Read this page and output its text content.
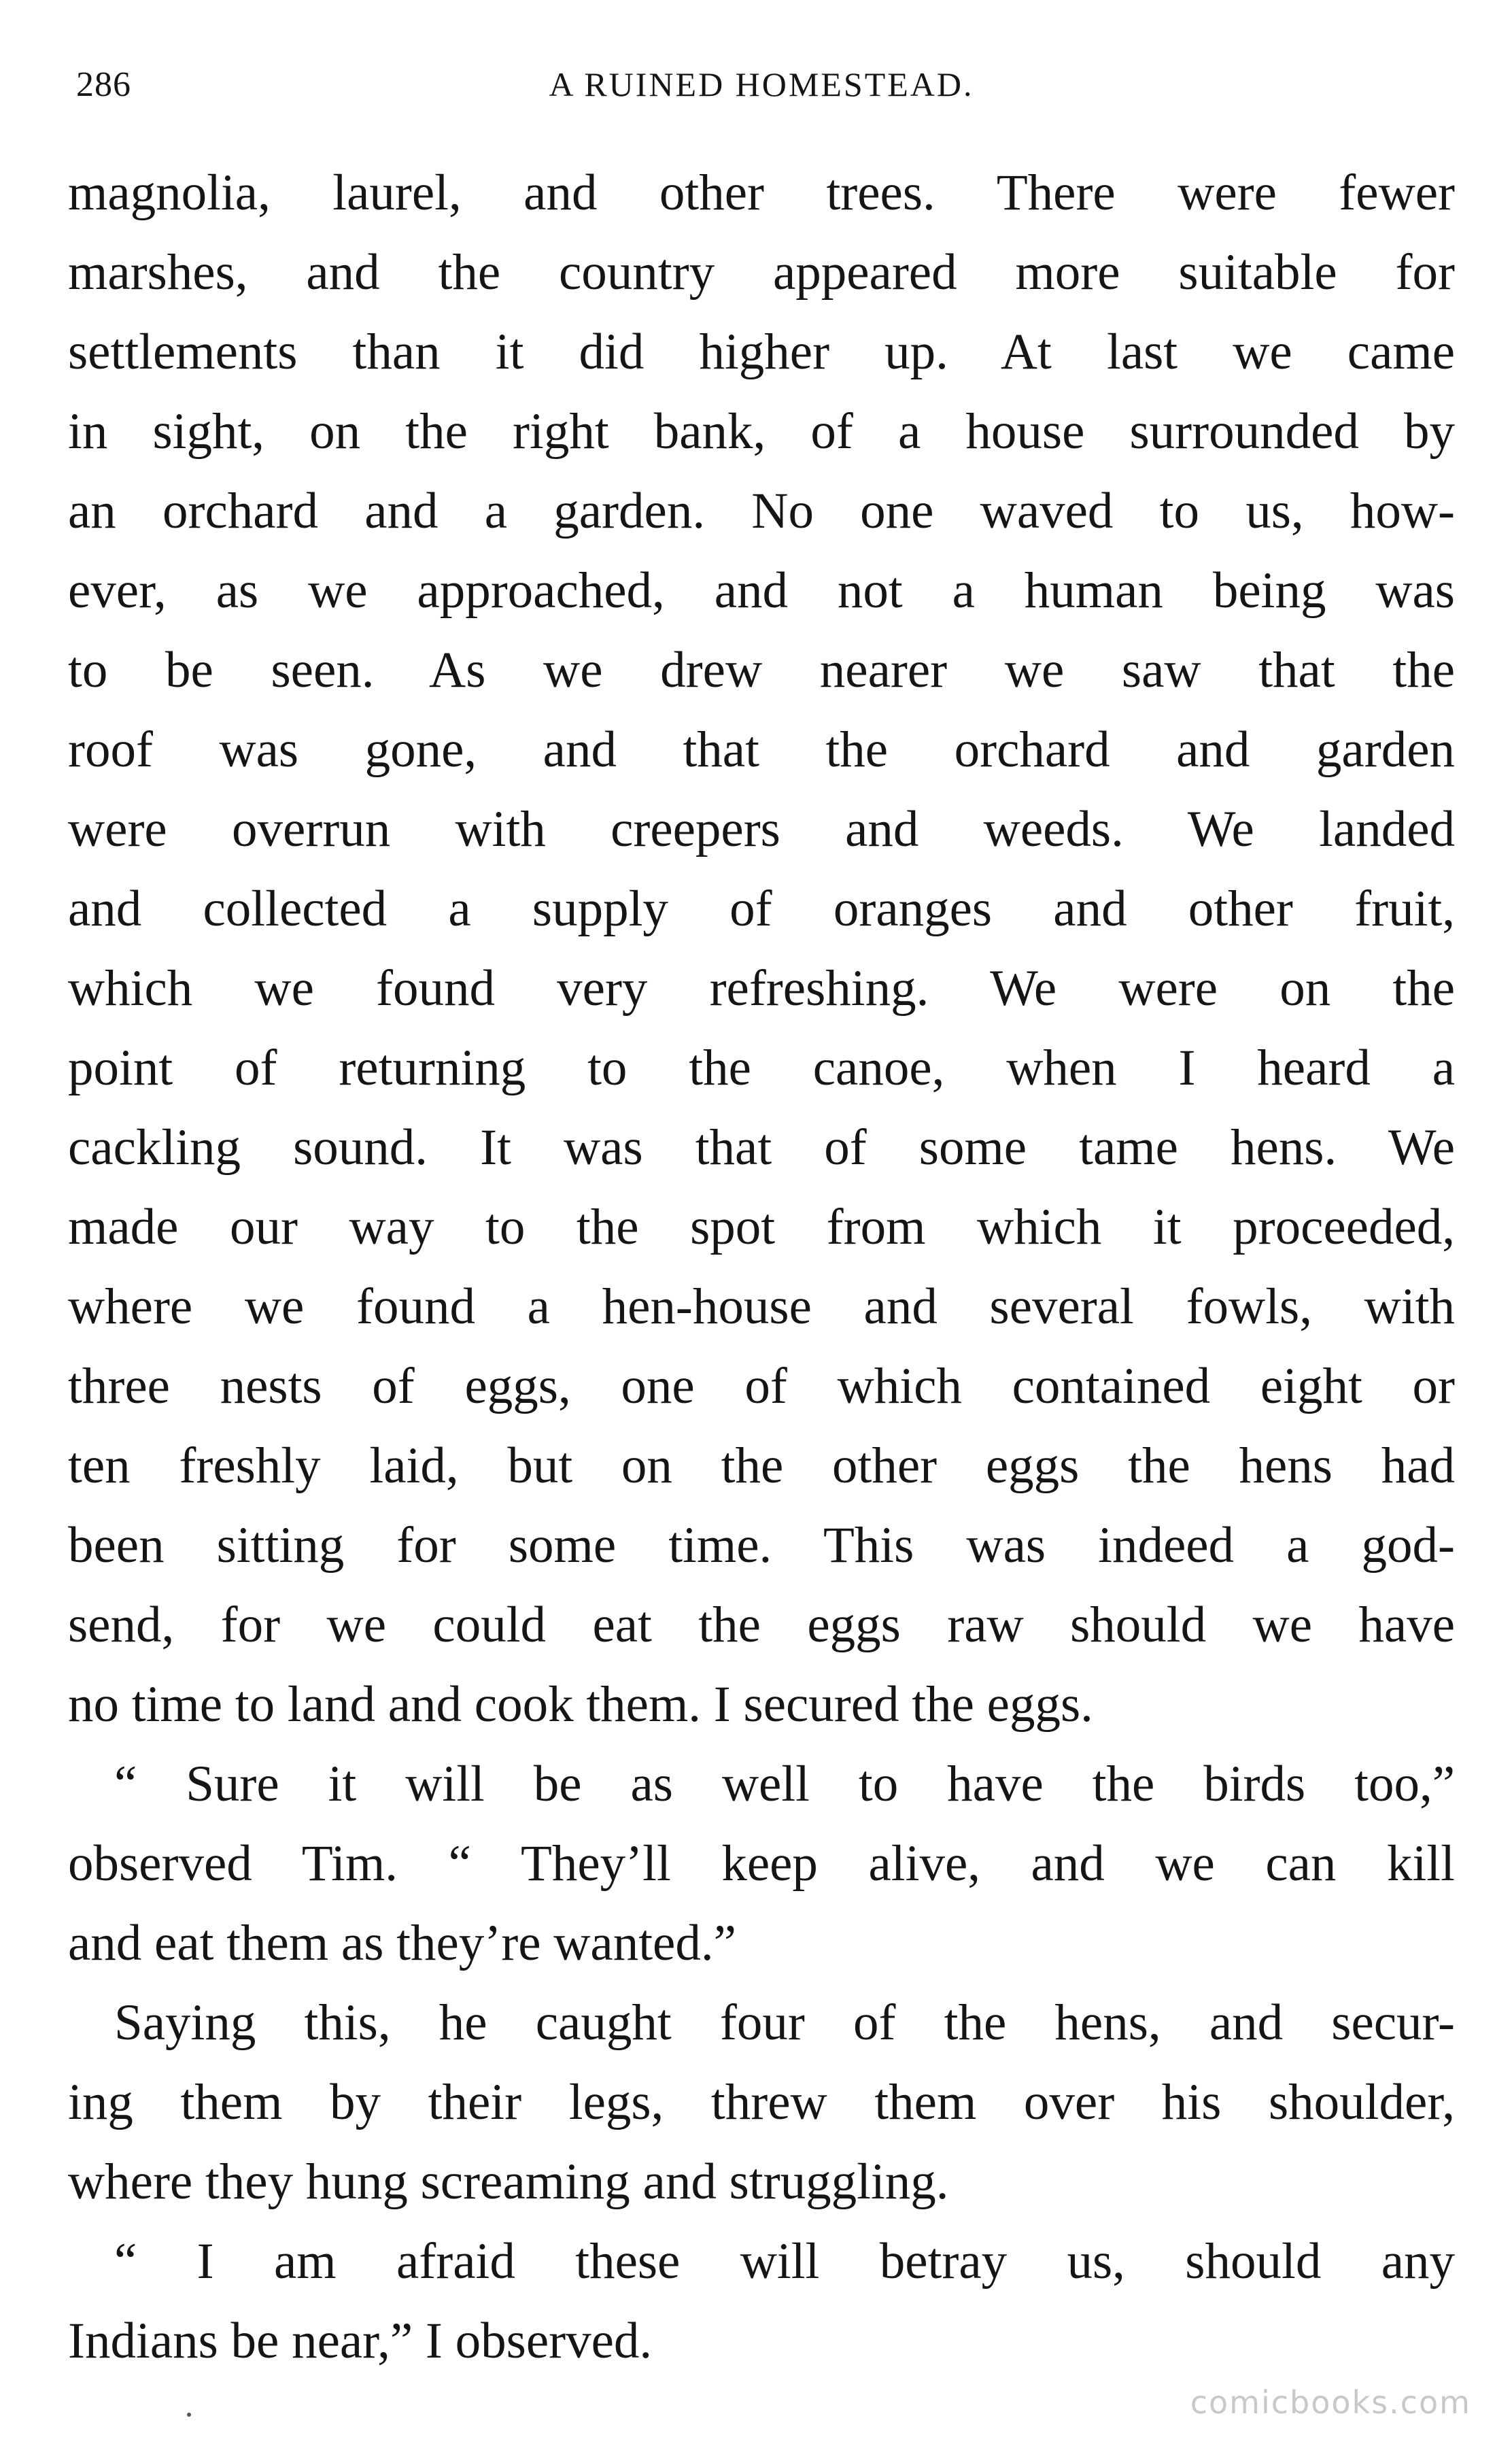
286	A RUINED HOMESTEAD.
magnolia, laurel, and other trees. There were fewer
marshes, and the country appeared more suitable for
settlements than it did higher up. At last we came
in sight, on the right bank, of a house surrounded by
an orchard and a garden. No one waved to us, how-
ever, as we approached, and not a human being was
to be seen. As we drew nearer we saw that the
roof was gone, and that the orchard and garden
were overrun with creepers and weeds. We landed
and collected a supply of oranges and other fruit,
which we found very refreshing. We were on the
point of returning to the canoe, when I heard a
cackling sound. It was that of some tame hens. We
made our way to the spot from which it proceeded,
where we found a hen-house and several fowls, with
three nests of eggs, one of which contained eight or
ten freshly laid, but on the other eggs the hens had
been sitting for some time. This was indeed a god-
send, for we could eat the eggs raw should we have
no time to land and cook them. I secured the eggs.
“ Sure it will be as well to have the birds too,”
observed Tim. “ They’ll keep alive, and we can kill
and eat them as they’re wanted.”
Saying this, he caught four of the hens, and secur-
ing them by their legs, threw them over his shoulder,
where they hung screaming and struggling.
“ I am afraid these will betray us, should any
Indians be near,” I observed.
comicbooks.com
